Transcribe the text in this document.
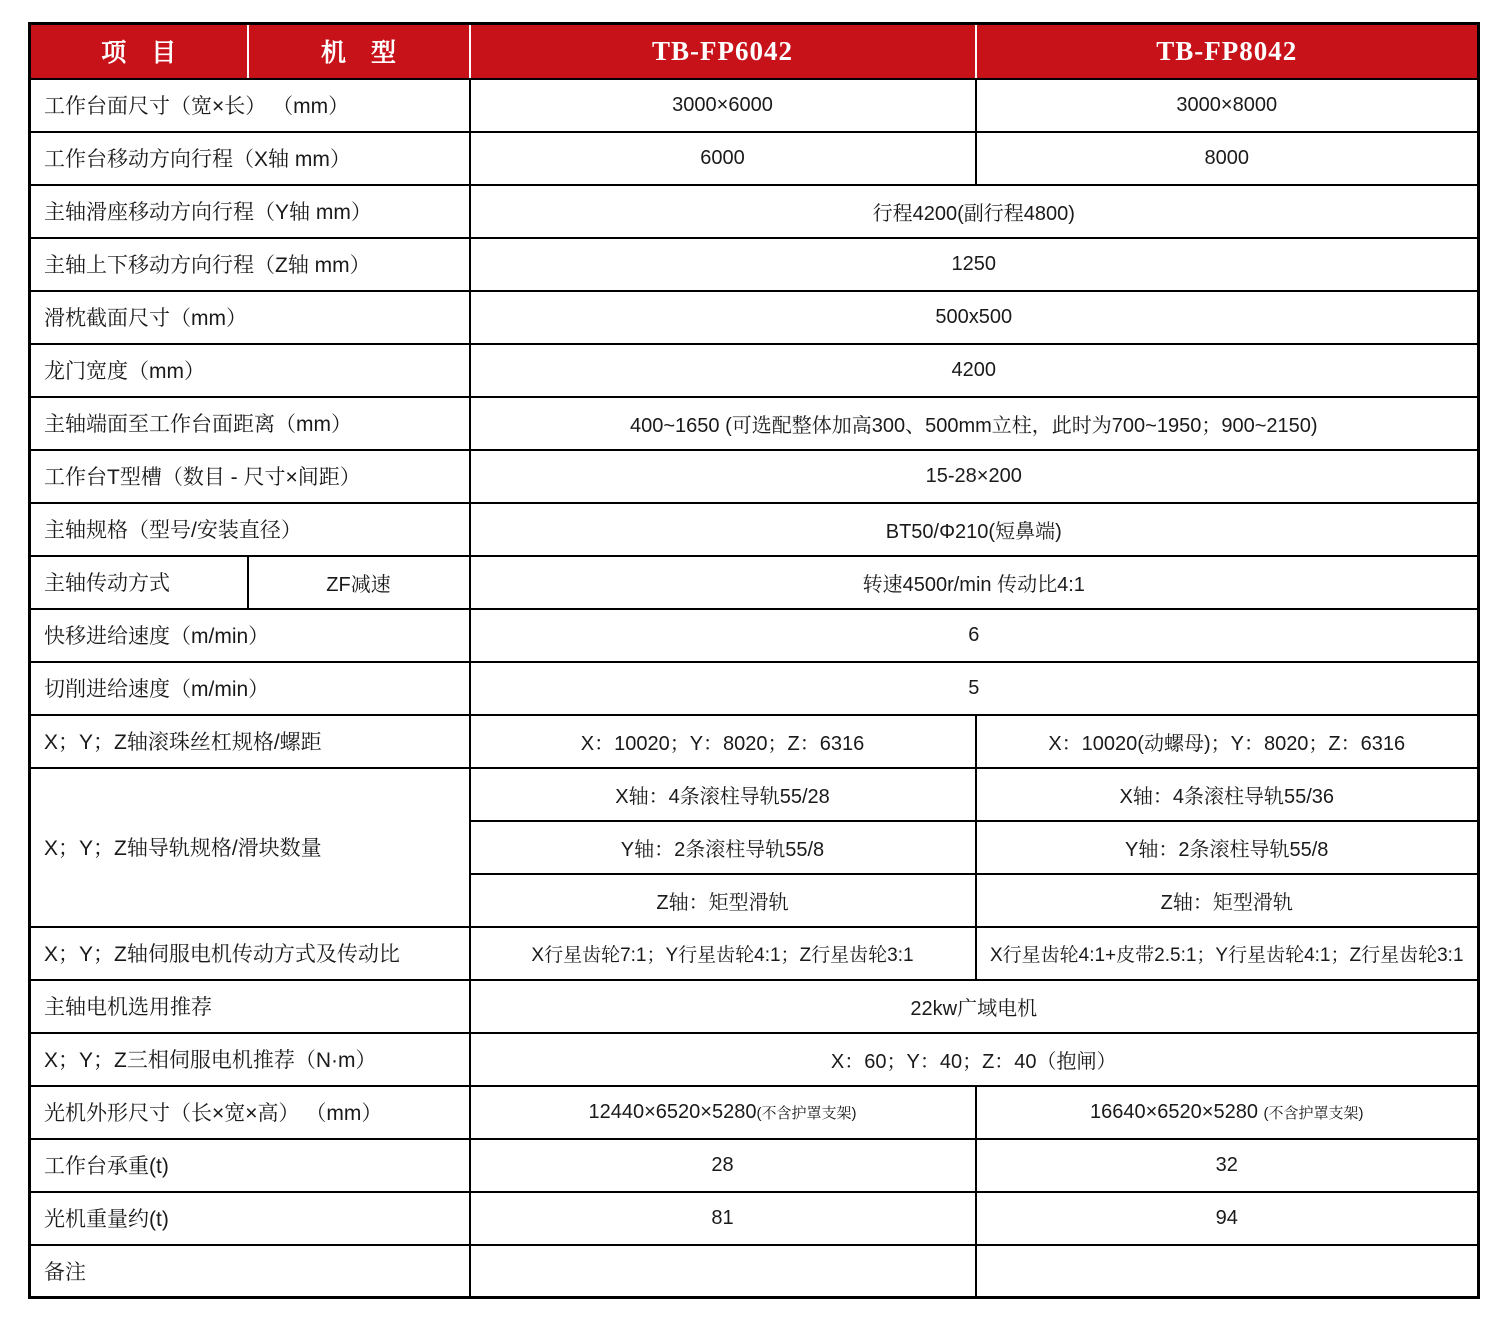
项　目	机　型	TB-FP6042	TB-FP8042
工作台面尺寸（宽×长） （mm）		3000×6000	3000×8000
工作台移动方向行程（X轴 mm）		6000	8000
主轴滑座移动方向行程（Y轴 mm）		行程4200(副行程4800)	
主轴上下移动方向行程（Z轴 mm）		1250	
滑枕截面尺寸（mm）		500x500	
龙门宽度（mm）		4200	
主轴端面至工作台面距离（mm）		400~1650 (可选配整体加高300、500mm立柱，此时为700~1950；900~2150)	
工作台T型槽（数目 - 尺寸×间距）		15-28×200	
主轴规格（型号/安装直径）		BT50/Φ210(短鼻端)	
主轴传动方式	ZF减速	转速4500r/min 传动比4:1	
快移进给速度（m/min）		6	
切削进给速度（m/min）		5	
X；Y；Z轴滚珠丝杠规格/螺距		X：10020；Y：8020；Z：6316	X：10020(动螺母)；Y：8020；Z：6316
X；Y；Z轴导轨规格/滑块数量		X轴：4条滚柱导轨55/28	X轴：4条滚柱导轨55/36
		Y轴：2条滚柱导轨55/8	Y轴：2条滚柱导轨55/8
		Z轴：矩型滑轨	Z轴：矩型滑轨
X；Y；Z轴伺服电机传动方式及传动比		X行星齿轮7:1；Y行星齿轮4:1；Z行星齿轮3:1	X行星齿轮4:1+皮带2.5:1；Y行星齿轮4:1；Z行星齿轮3:1
主轴电机选用推荐		22kw广域电机	
X；Y；Z三相伺服电机推荐（N·m）		X：60；Y：40；Z：40（抱闸）	
光机外形尺寸（长×宽×高） （mm）		12440×6520×5280(不含护罩支架)	16640×6520×5280 (不含护罩支架)
工作台承重(t)		28	32
光机重量约(t)		81	94
备注			
